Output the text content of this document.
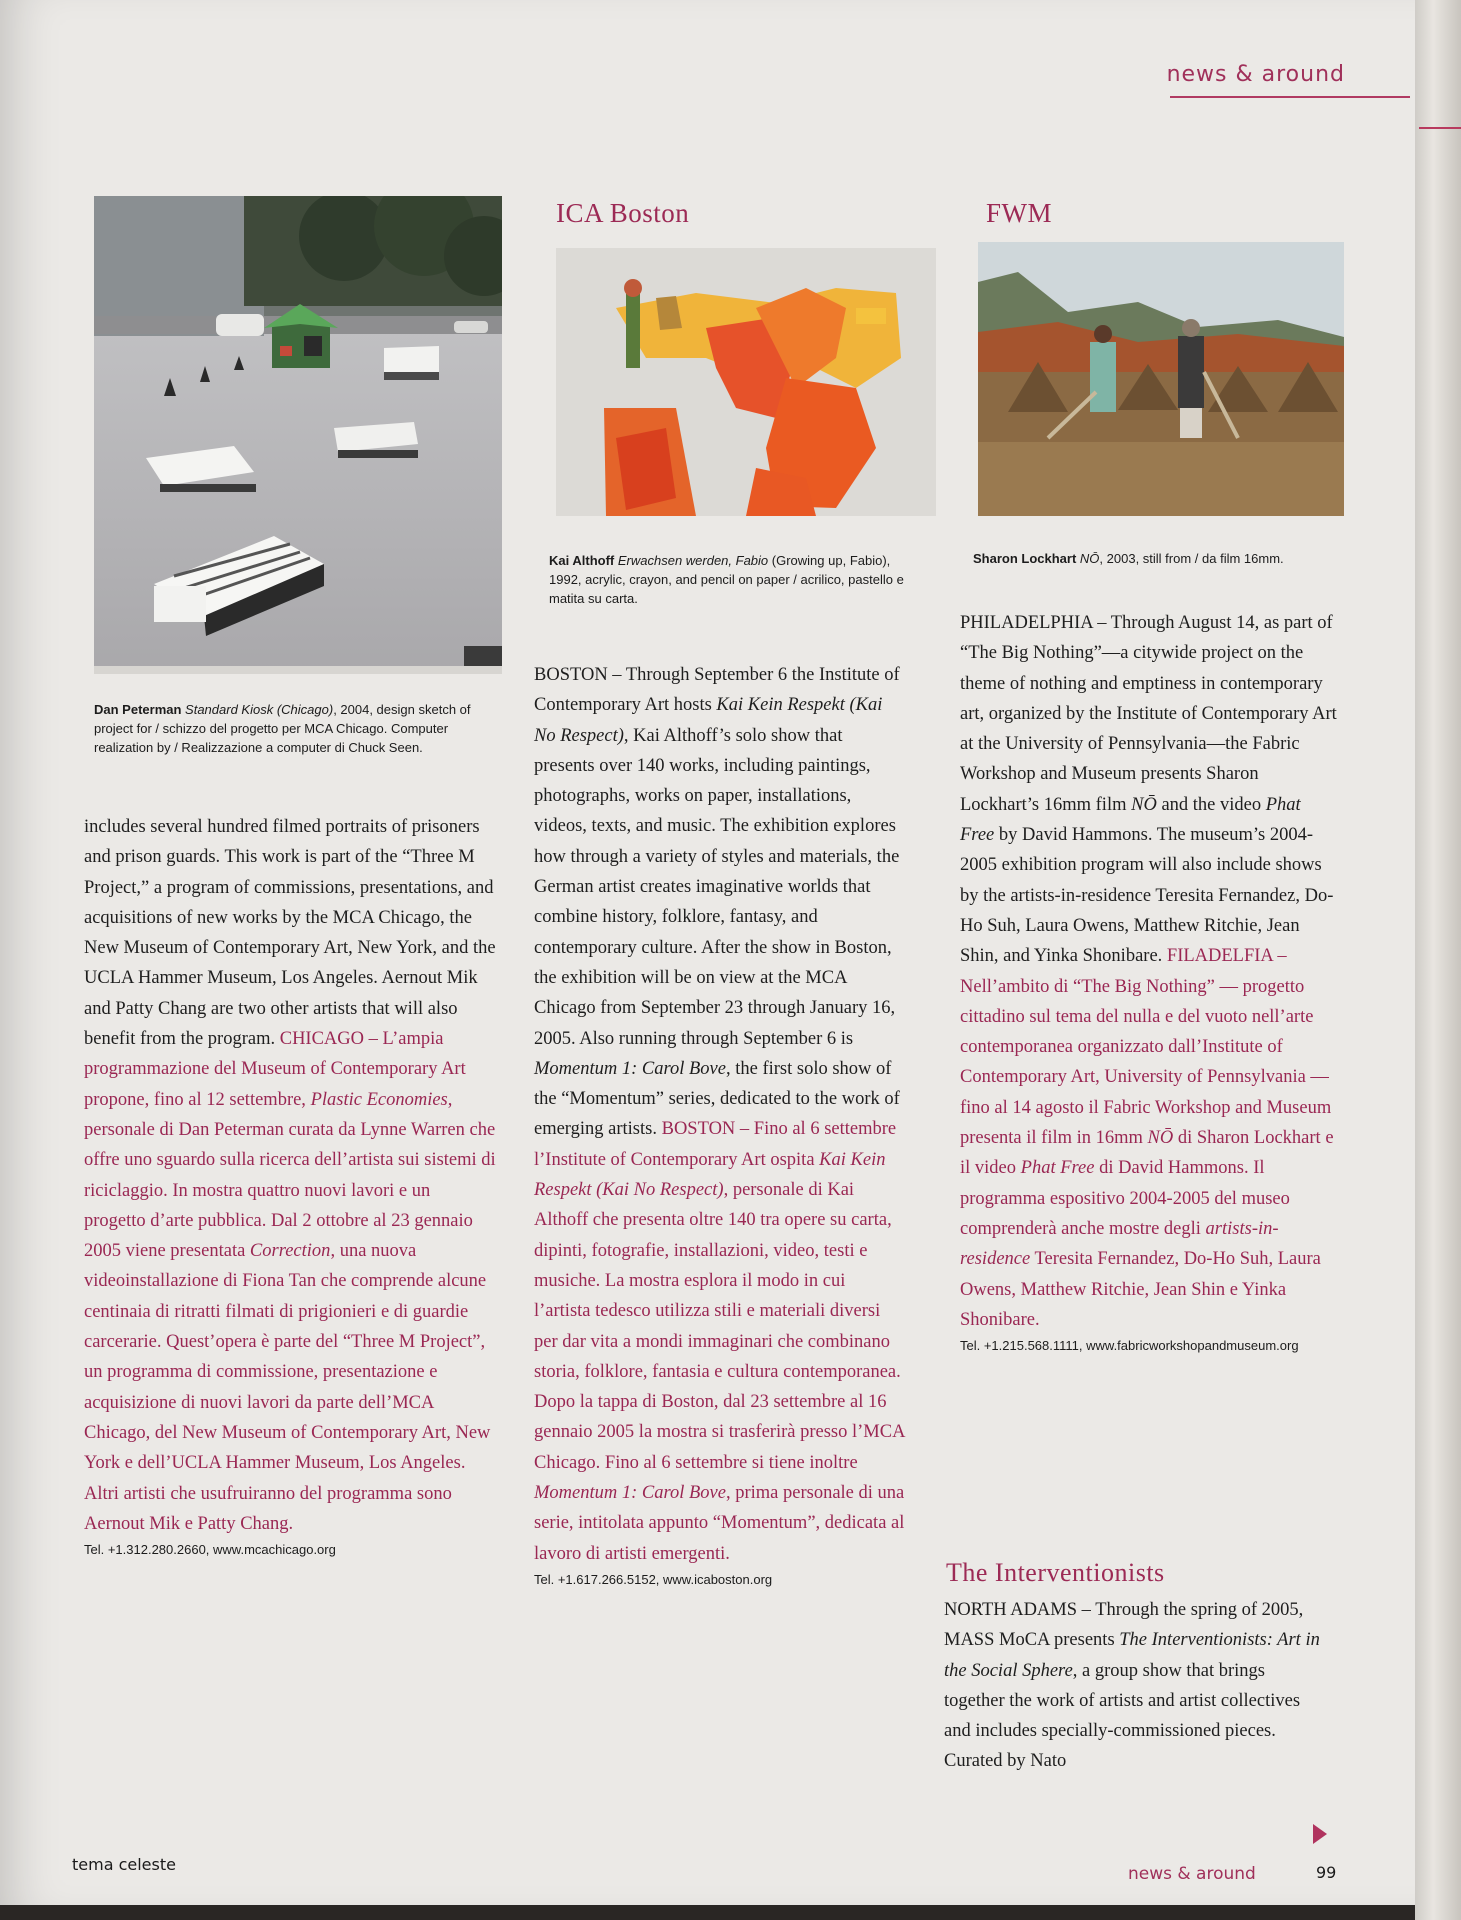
news & around
Dan Peterman Standard Kiosk (Chicago), 2004, design sketch of project for / schizzo del progetto per MCA Chicago. Computer realization by / Realizzazione a computer di Chuck Seen.
includes several hundred filmed portraits of prisoners and prison guards. This work is part of the “Three M Project,” a program of commissions, presentations, and acquisitions of new works by the MCA Chicago, the New Museum of Contemporary Art, New York, and the UCLA Hammer Museum, Los Angeles. Aernout Mik and Patty Chang are two other artists that will also benefit from the program. CHICAGO – L’ampia programmazione del Museum of Contemporary Art propone, fino al 12 settembre, Plastic Economies, personale di Dan Peterman curata da Lynne Warren che offre uno sguardo sulla ricerca dell’artista sui sistemi di riciclaggio. In mostra quattro nuovi lavori e un progetto d’arte pubblica. Dal 2 ottobre al 23 gennaio 2005 viene presentata Correction, una nuova videoinstallazione di Fiona Tan che comprende alcune centinaia di ritratti filmati di prigionieri e di guardie carcerarie. Quest’opera è parte del “Three M Project”, un programma di commissione, presentazione e acquisizione di nuovi lavori da parte dell’MCA Chicago, del New Museum of Contemporary Art, New York e dell’UCLA Hammer Museum, Los Angeles. Altri artisti che usufruiranno del programma sono Aernout Mik e Patty Chang.
Tel. +1.312.280.2660, www.mcachicago.org
ICA Boston
Kai Althoff Erwachsen werden, Fabio (Growing up, Fabio), 1992, acrylic, crayon, and pencil on paper / acrilico, pastello e matita su carta.
BOSTON – Through September 6 the Institute of Contemporary Art hosts Kai Kein Respekt (Kai No Respect), Kai Althoff’s solo show that presents over 140 works, including paintings, photographs, works on paper, installations, videos, texts, and music. The exhibition explores how through a variety of styles and materials, the German artist creates imaginative worlds that combine history, folklore, fantasy, and contemporary culture. After the show in Boston, the exhibition will be on view at the MCA Chicago from September 23 through January 16, 2005. Also running through September 6 is Momentum 1: Carol Bove, the first solo show of the “Momentum” series, dedicated to the work of emerging artists. BOSTON – Fino al 6 settembre l’Institute of Contemporary Art ospita Kai Kein Respekt (Kai No Respect), personale di Kai Althoff che presenta oltre 140 tra opere su carta, dipinti, fotografie, installazioni, video, testi e musiche. La mostra esplora il modo in cui l’artista tedesco utilizza stili e materiali diversi per dar vita a mondi immaginari che combinano storia, folklore, fantasia e cultura contemporanea. Dopo la tappa di Boston, dal 23 settembre al 16 gennaio 2005 la mostra si trasferirà presso l’MCA Chicago. Fino al 6 settembre si tiene inoltre Momentum 1: Carol Bove, prima personale di una serie, intitolata appunto “Momentum”, dedicata al lavoro di artisti emergenti.
Tel. +1.617.266.5152, www.icaboston.org
FWM
Sharon Lockhart NŌ, 2003, still from / da film 16mm.
PHILADELPHIA – Through August 14, as part of “The Big Nothing”—a citywide project on the theme of nothing and emptiness in contemporary art, organized by the Institute of Contemporary Art at the University of Pennsylvania—the Fabric Workshop and Museum presents Sharon Lockhart’s 16mm film NŌ and the video Phat Free by David Hammons. The museum’s 2004-2005 exhibition program will also include shows by the artists-in-residence Teresita Fernandez, Do-Ho Suh, Laura Owens, Matthew Ritchie, Jean Shin, and Yinka Shonibare. FILADELFIA – Nell’ambito di “The Big Nothing” — progetto cittadino sul tema del nulla e del vuoto nell’arte contemporanea organizzato dall’Institute of Contemporary Art, University of Pennsylvania — fino al 14 agosto il Fabric Workshop and Museum presenta il film in 16mm NŌ di Sharon Lockhart e il video Phat Free di David Hammons. Il programma espositivo 2004-2005 del museo comprenderà anche mostre degli artists-in-residence Teresita Fernandez, Do-Ho Suh, Laura Owens, Matthew Ritchie, Jean Shin e Yinka Shonibare.
Tel. +1.215.568.1111, www.fabricworkshopandmuseum.org
The Interventionists
NORTH ADAMS – Through the spring of 2005, MASS MoCA presents The Interventionists: Art in the Social Sphere, a group show that brings together the work of artists and artist collectives and includes specially-commissioned pieces. Curated by Nato
tema celeste	news & around	99
